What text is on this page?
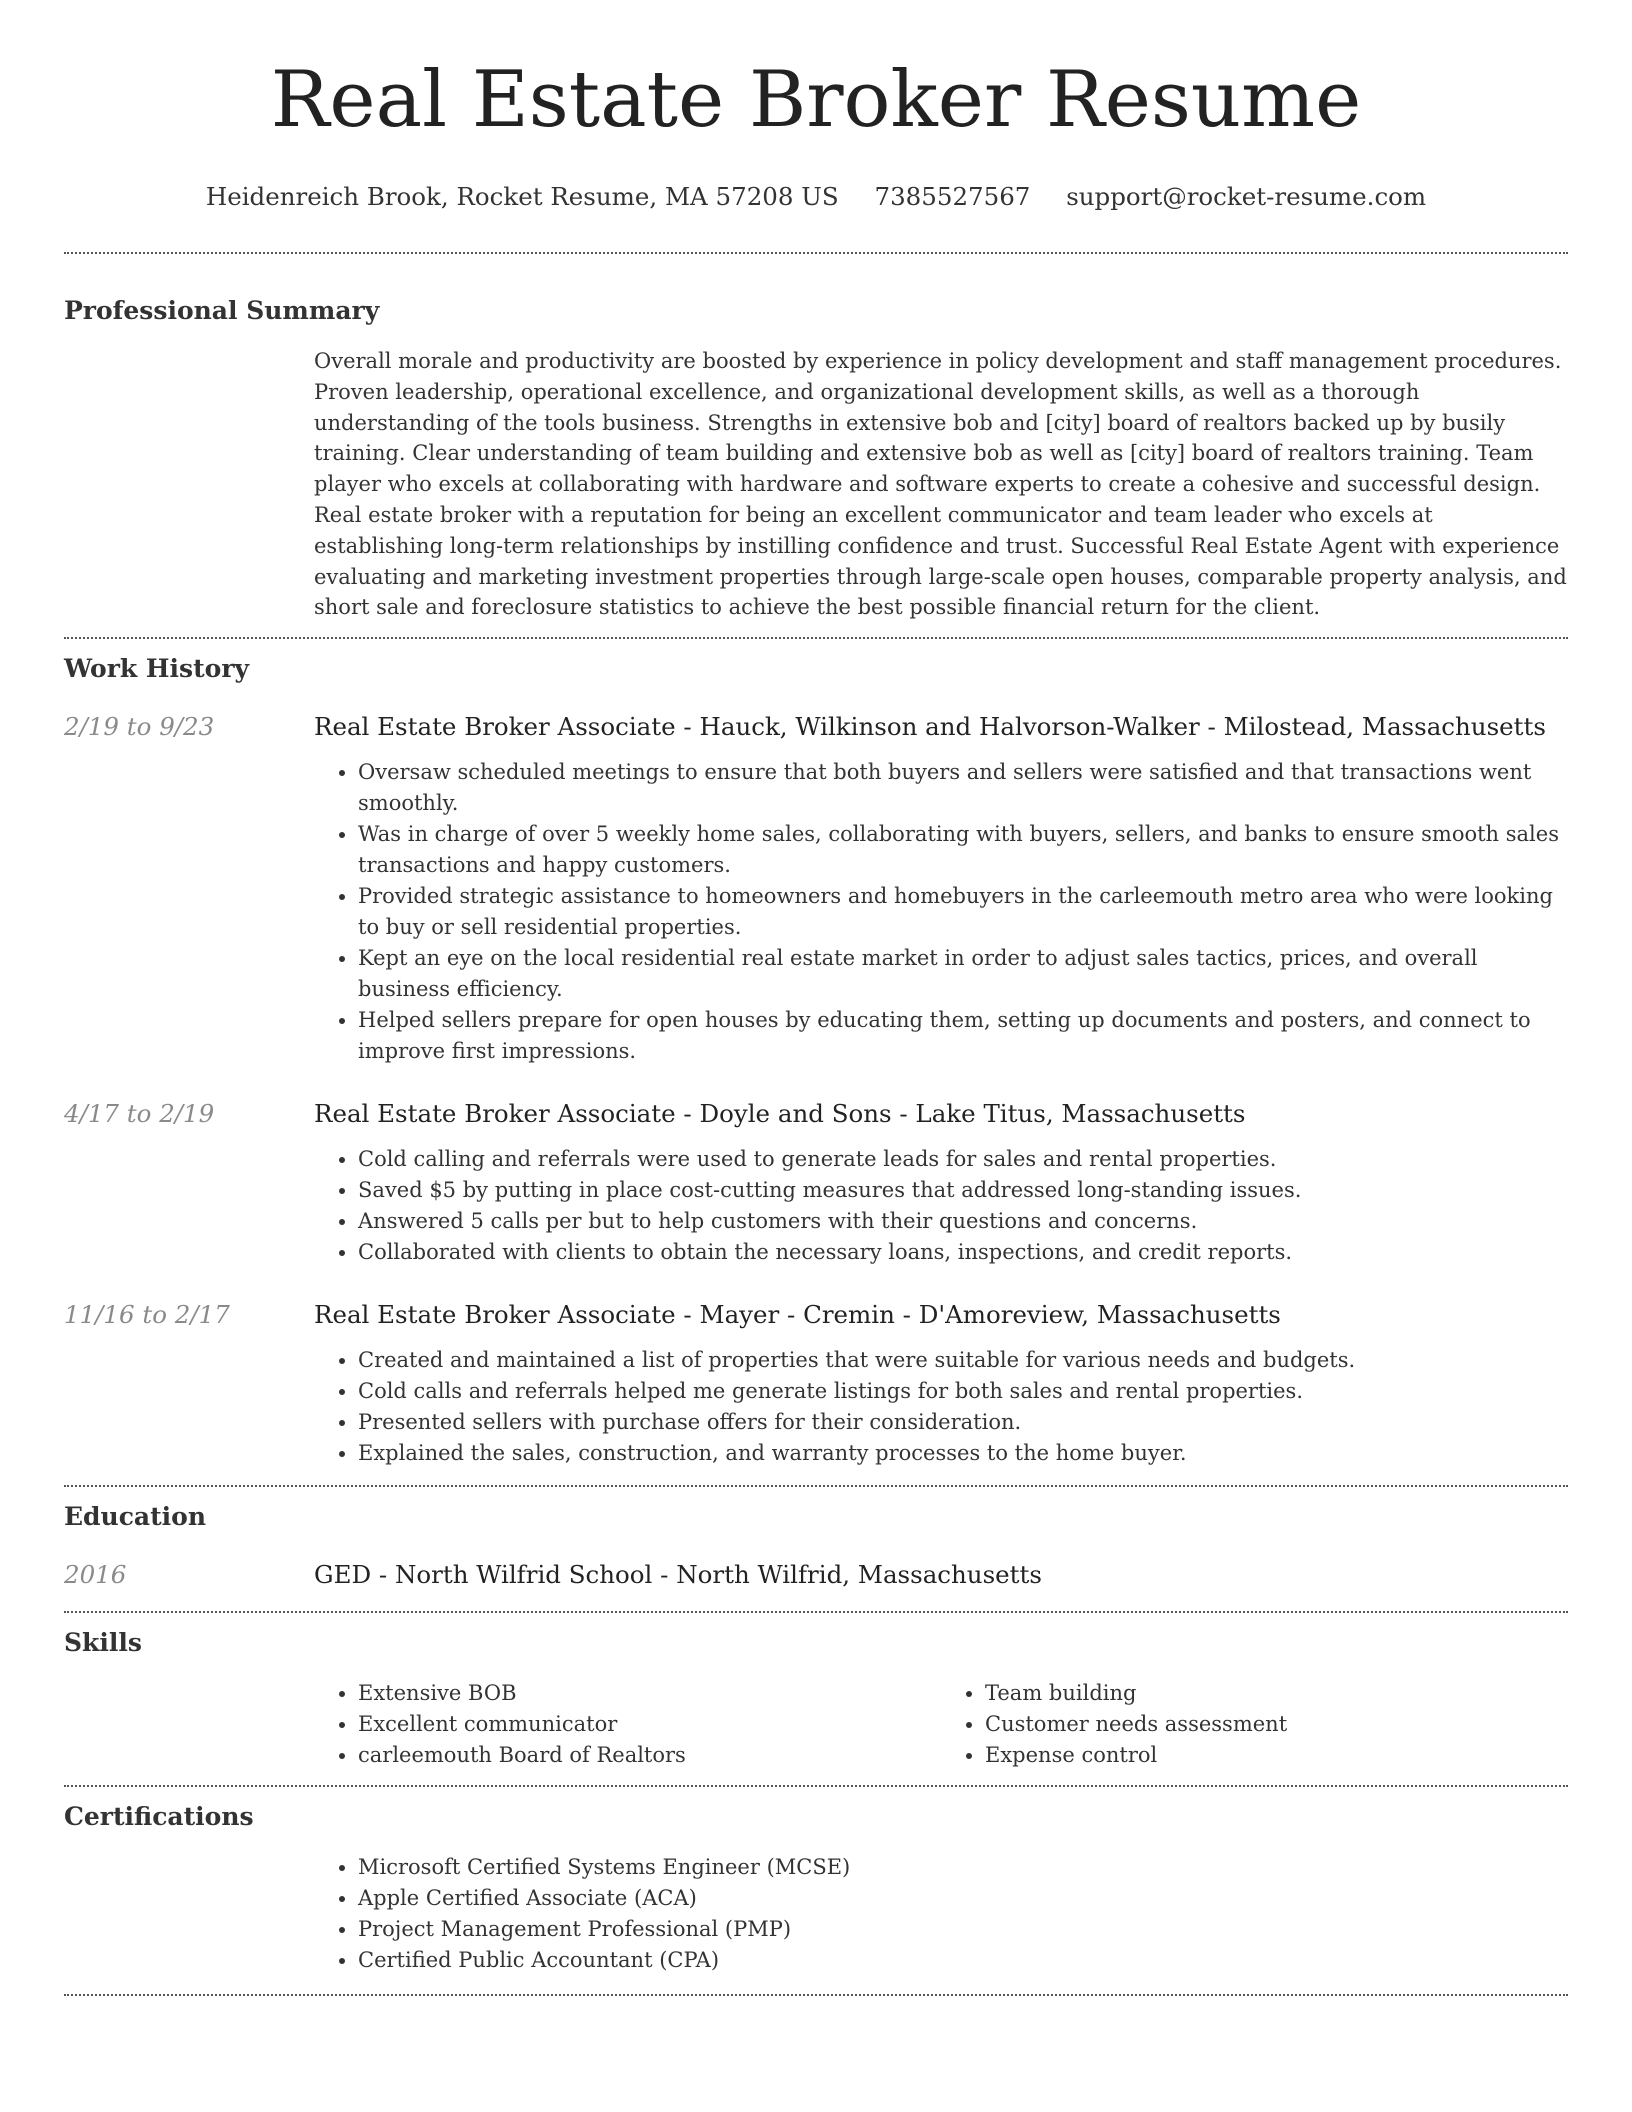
Real Estate Broker Resume
Heidenreich Brook, Rocket Resume, MA 57208 US 7385527567 support@rocket-resume.com
Professional Summary

Overall morale and productivity are boosted by experience in policy development and staff management procedures. Proven leadership, operational excellence, and organizational development skills, as well as a thorough understanding of the tools business. Strengths in extensive bob and [city] board of realtors backed up by busily training. Clear understanding of team building and extensive bob as well as [city] board of realtors training. Team player who excels at collaborating with hardware and software experts to create a cohesive and successful design. Real estate broker with a reputation for being an excellent communicator and team leader who excels at establishing long-term relationships by instilling confidence and trust. Successful Real Estate Agent with experience evaluating and marketing investment properties through large-scale open houses, comparable property analysis, and short sale and foreclosure statistics to achieve the best possible financial return for the client.

Work History
2/19 to 9/23	Real Estate Broker Associate - Hauck, Wilkinson and Halvorson-Walker - Milostead, Massachusetts
• Oversaw scheduled meetings to ensure that both buyers and sellers were satisfied and that transactions went smoothly.
• Was in charge of over 5 weekly home sales, collaborating with buyers, sellers, and banks to ensure smooth sales transactions and happy customers.
• Provided strategic assistance to homeowners and homebuyers in the carleemouth metro area who were looking to buy or sell residential properties.
• Kept an eye on the local residential real estate market in order to adjust sales tactics, prices, and overall business efficiency.
• Helped sellers prepare for open houses by educating them, setting up documents and posters, and connect to improve first impressions.
4/17 to 2/19	Real Estate Broker Associate - Doyle and Sons - Lake Titus, Massachusetts
• Cold calling and referrals were used to generate leads for sales and rental properties.
• Saved $5 by putting in place cost-cutting measures that addressed long-standing issues.
• Answered 5 calls per but to help customers with their questions and concerns.
• Collaborated with clients to obtain the necessary loans, inspections, and credit reports.
11/16 to 2/17	Real Estate Broker Associate - Mayer - Cremin - D'Amoreview, Massachusetts
• Created and maintained a list of properties that were suitable for various needs and budgets.
• Cold calls and referrals helped me generate listings for both sales and rental properties.
• Presented sellers with purchase offers for their consideration.
• Explained the sales, construction, and warranty processes to the home buyer.
Education
2016	GED - North Wilfrid School - North Wilfrid, Massachusetts
Skills
• Extensive BOB
• Excellent communicator
• carleemouth Board of Realtors
• Team building
• Customer needs assessment
• Expense control
Certifications
• Microsoft Certified Systems Engineer (MCSE)
• Apple Certified Associate (ACA)
• Project Management Professional (PMP)
• Certified Public Accountant (CPA)
